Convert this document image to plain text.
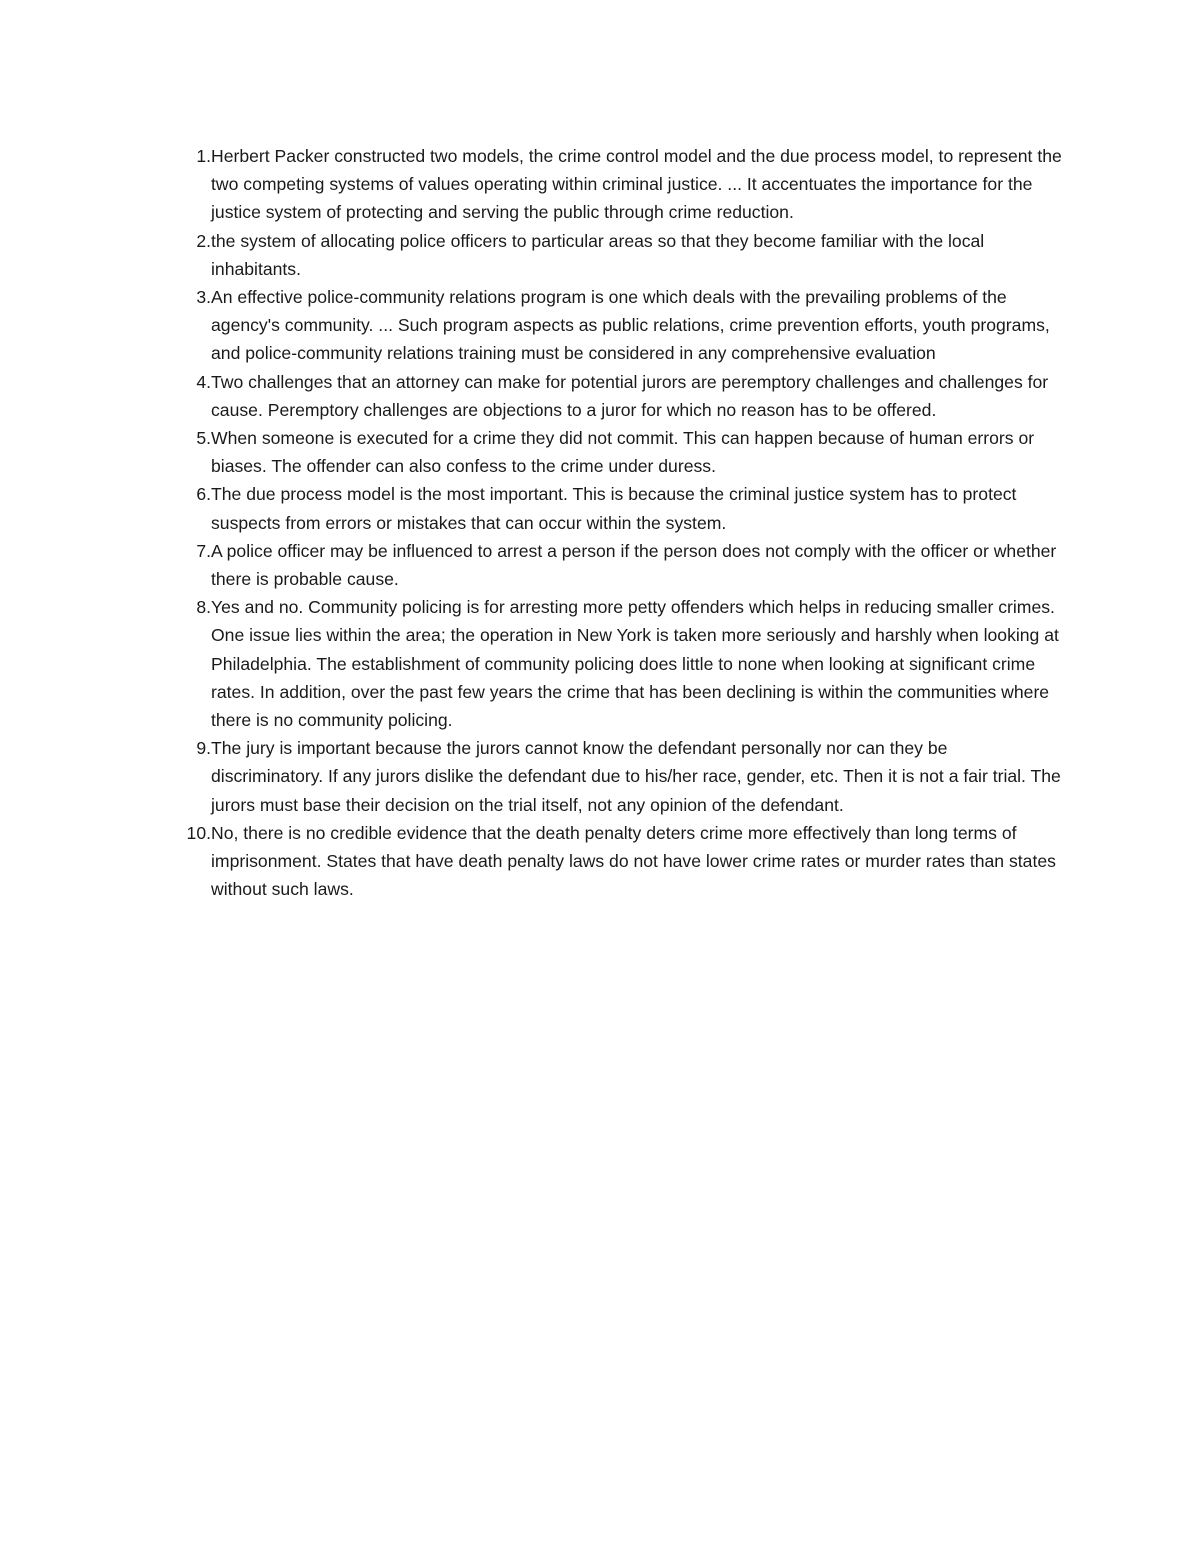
1. Herbert Packer constructed two models, the crime control model and the due process model, to represent the two competing systems of values operating within criminal justice. ... It accentuates the importance for the justice system of protecting and serving the public through crime reduction.
2. the system of allocating police officers to particular areas so that they become familiar with the local inhabitants.
3. An effective police-community relations program is one which deals with the prevailing problems of the agency's community. ... Such program aspects as public relations, crime prevention efforts, youth programs, and police-community relations training must be considered in any comprehensive evaluation
4. Two challenges that an attorney can make for potential jurors are peremptory challenges and challenges for cause. Peremptory challenges are objections to a juror for which no reason has to be offered.
5. When someone is executed for a crime they did not commit. This can happen because of human errors or biases. The offender can also confess to the crime under duress.
6. The due process model is the most important. This is because the criminal justice system has to protect suspects from errors or mistakes that can occur within the system.
7. A police officer may be influenced to arrest a person if the person does not comply with the officer or whether there is probable cause.
8. Yes and no. Community policing is for arresting more petty offenders which helps in reducing smaller crimes. One issue lies within the area; the operation in New York is taken more seriously and harshly when looking at Philadelphia. The establishment of community policing does little to none when looking at significant crime rates. In addition, over the past few years the crime that has been declining is within the communities where there is no community policing.
9. The jury is important because the jurors cannot know the defendant personally nor can they be discriminatory. If any jurors dislike the defendant due to his/her race, gender, etc. Then it is not a fair trial. The jurors must base their decision on the trial itself, not any opinion of the defendant.
10. No, there is no credible evidence that the death penalty deters crime more effectively than long terms of imprisonment. States that have death penalty laws do not have lower crime rates or murder rates than states without such laws.
